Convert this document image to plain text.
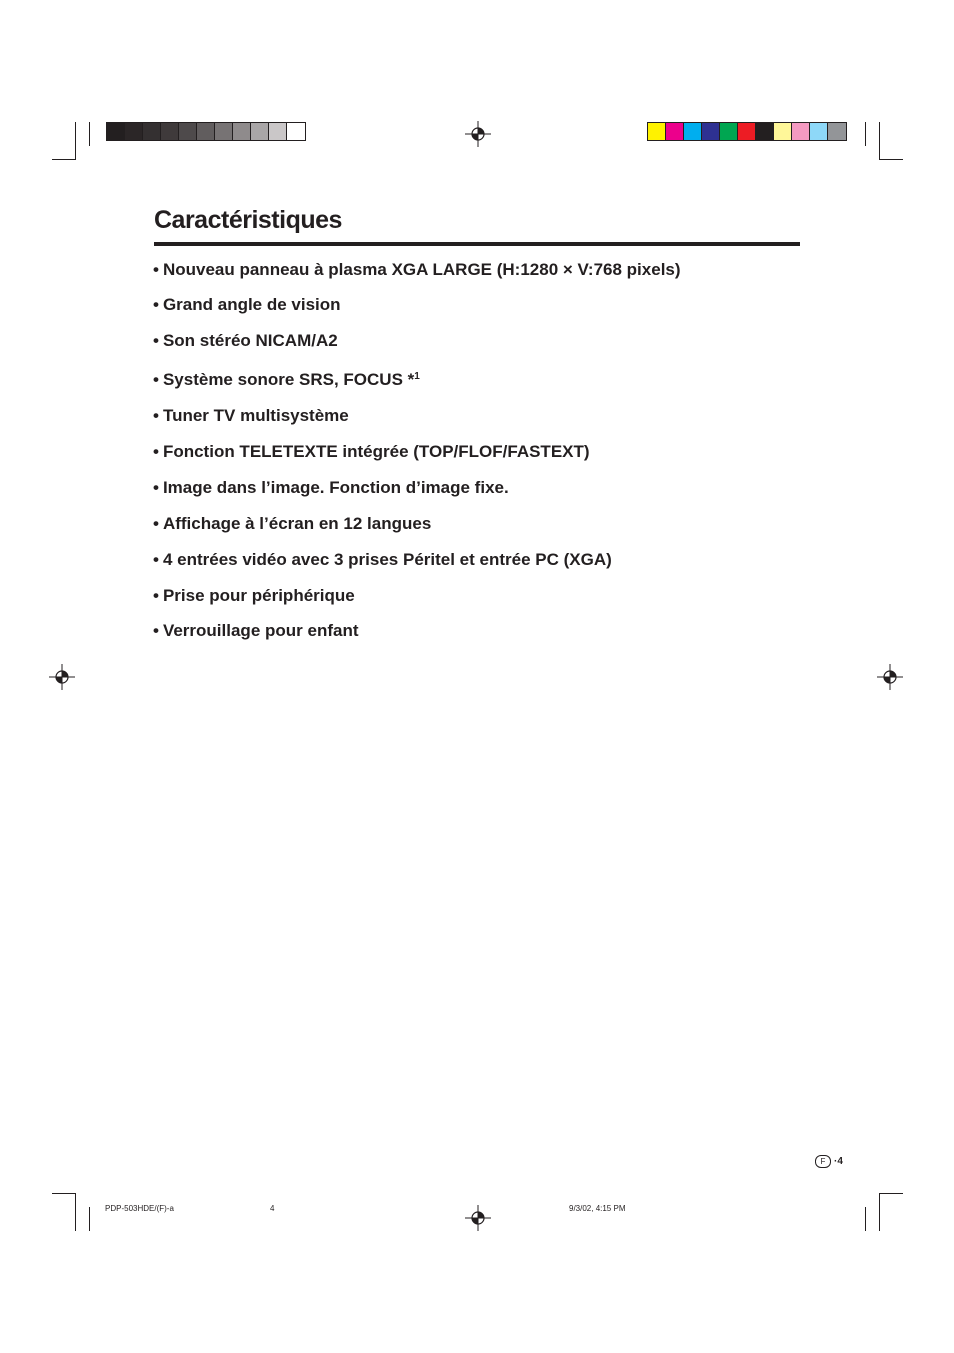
Caractéristiques
• Nouveau panneau à plasma XGA LARGE (H:1280 × V:768 pixels)
• Grand angle de vision
• Son stéréo NICAM/A2
• Système sonore SRS, FOCUS *$^1$
• Tuner TV multisystème
• Fonction TELETEXTE intégrée (TOP/FLOF/FASTEXT)
• Image dans l’image. Fonction d’image fixe.
• Affichage à l’écran en 12 langues
• 4 entrées vidéo avec 3 prises Péritel et entrée PC (XGA)
• Prise pour périphérique
• Verrouillage pour enfant
F ·4
PDP-503HDE/(F)-a	4	9/3/02, 4:15 PM
